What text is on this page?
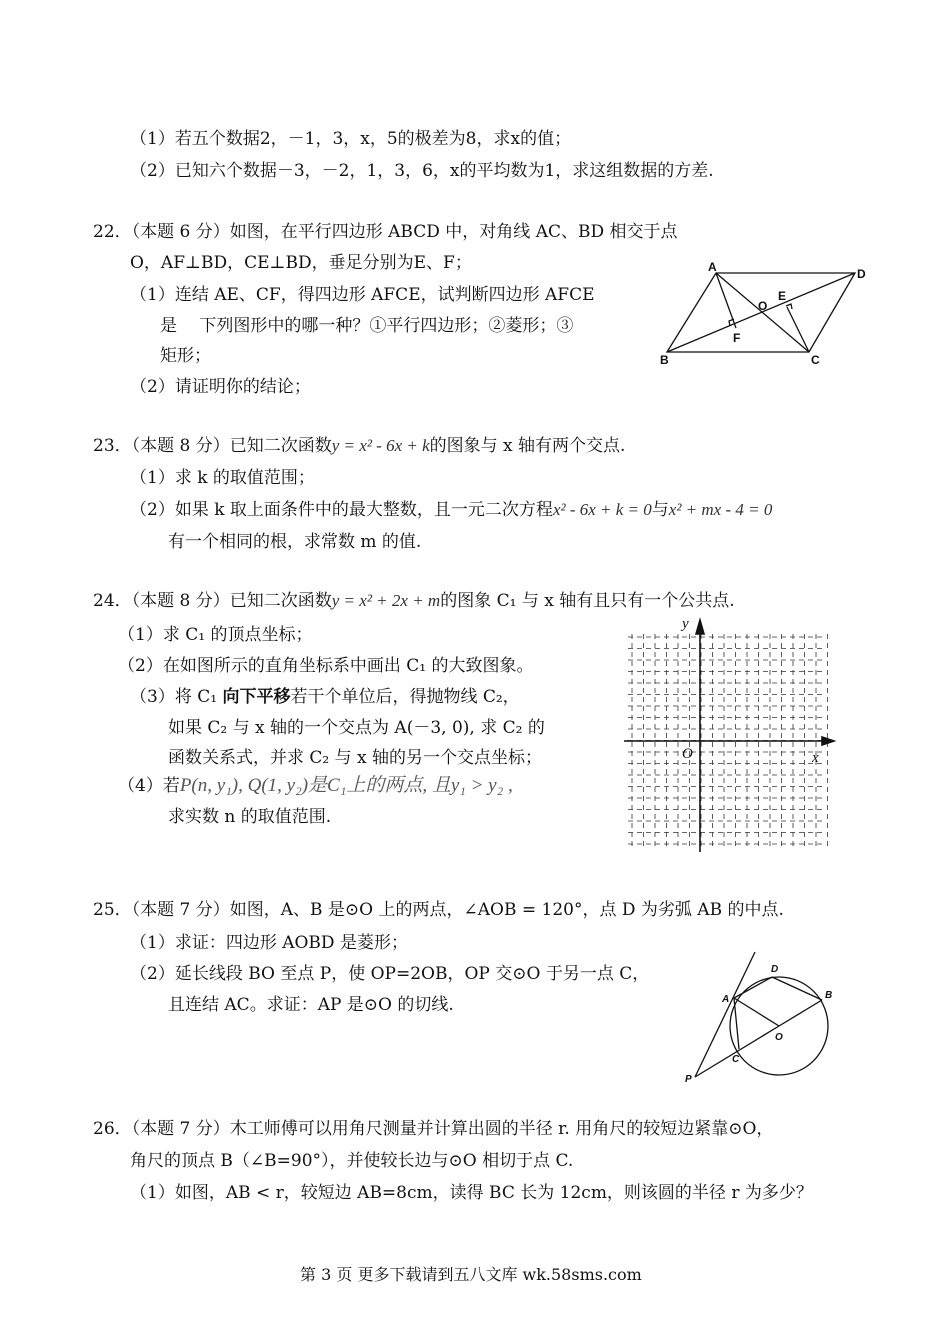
（1）若五个数据2，－1，3，x，5的极差为8，求x的值；
（2）已知六个数据－3，－2，1，3，6，x的平均数为1，求这组数据的方差.
22．（本题 6 分）如图，在平行四边形 ABCD 中，对角线 AC、BD 相交于点
O，AF⊥BD，CE⊥BD，垂足分别为E、F；
（1）连结 AE、CF，得四边形 AFCE，试判断四边形 AFCE
是　 下列图形中的哪一种？①平行四边形；②菱形；③
矩形；
（2）请证明你的结论；
A	D
B	C
O
E
F
23．（本题 8 分）已知二次函数y = x² - 6x + k的图象与 x 轴有两个交点.
（1）求 k 的取值范围；
（2）如果 k 取上面条件中的最大整数，且一元二次方程x² - 6x + k = 0与x² + mx - 4 = 0
有一个相同的根，求常数 m 的值.
24．（本题 8 分）已知二次函数y = x² + 2x + m的图象 C₁ 与 x 轴有且只有一个公共点.
（1）求 C₁ 的顶点坐标；
（2）在如图所示的直角坐标系中画出 C₁ 的大致图象。
（3）将 C₁ 向下平移若干个单位后，得抛物线 C₂，
如果 C₂ 与 x 轴的一个交点为 A(－3, 0), 求 C₂ 的
函数关系式，并求 C₂ 与 x 轴的另一个交点坐标；
（4）若P(n, y₁), Q(1, y₂)是C₁上的两点, 且y₁ > y₂ ,
求实数 n 的取值范围.
x
y
O
25．（本题 7 分）如图，A、B 是⊙O 上的两点，∠AOB = 120°，点 D 为劣弧 AB 的中点.
（1）求证：四边形 AOBD 是菱形；
（2）延长线段 BO 至点 P，使 OP=2OB，OP 交⊙O 于另一点 C，
且连结 AC。求证：AP 是⊙O 的切线.	A	B
C
D
O
P
26．（本题 7 分）木工师傅可以用角尺测量并计算出圆的半径 r. 用角尺的较短边紧靠⊙O，
角尺的顶点 B（∠B=90°），并使较长边与⊙O 相切于点 C.
（1）如图，AB < r，较短边 AB=8cm，读得 BC 长为 12cm，则该圆的半径 r 为多少？
第 3 页 更多下载请到五八文库 wk.58sms.com
